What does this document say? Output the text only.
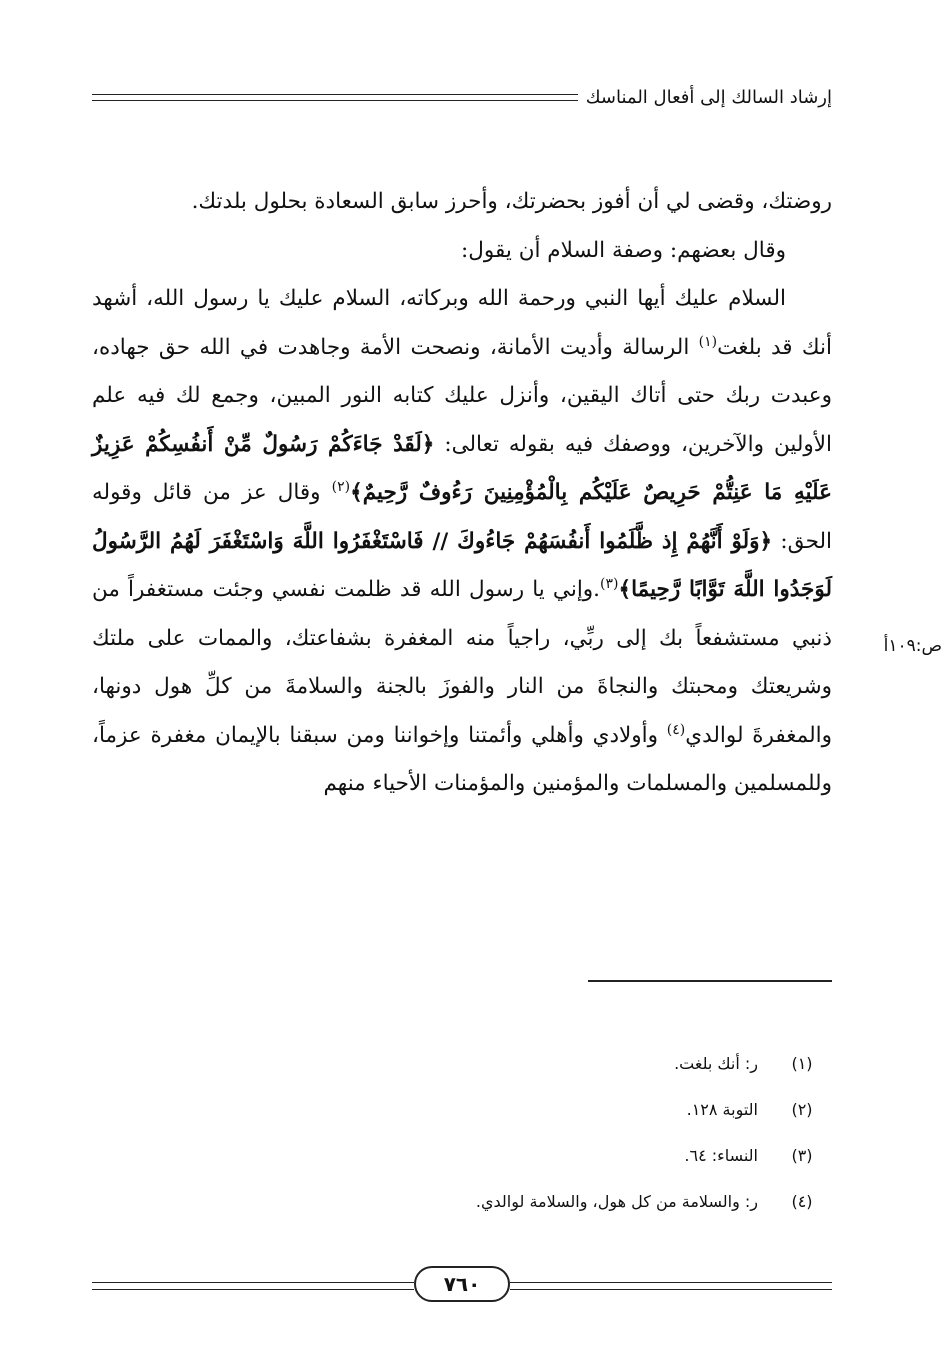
إرشاد السالك إلى أفعال المناسك

روضتك، وقضى لي أن أفوز بحضرتك، وأحرز سابق السعادة بحلول بلدتك.

وقال بعضهم: وصفة السلام أن يقول:

السلام عليك أيها النبي ورحمة الله وبركاته، السلام عليك يا رسول الله، أشهد أنك قد بلغت$^{(١)}$ الرسالة وأديت الأمانة، ونصحت الأمة وجاهدت في الله حق جهاده، وعبدت ربك حتى أتاك اليقين، وأنزل عليك كتابه النور المبين، وجمع لك فيه علم الأولين والآخرين، ووصفك فيه بقوله تعالى: ﴿لَقَدْ جَاءَكُمْ رَسُولٌ مِّنْ أَنفُسِكُمْ عَزِيزٌ عَلَيْهِ مَا عَنِتُّمْ حَرِيصٌ عَلَيْكُم بِالْمُؤْمِنِينَ رَءُوفٌ رَّحِيمٌ﴾$^{(٢)}$ وقال عز من قائل وقوله الحق: ﴿وَلَوْ أَنَّهُمْ إِذ ظَّلَمُوا أَنفُسَهُمْ جَاءُوكَ // فَاسْتَغْفَرُوا اللَّهَ وَاسْتَغْفَرَ لَهُمُ الرَّسُولُ لَوَجَدُوا اللَّهَ تَوَّابًا رَّحِيمًا﴾$^{(٣)}$.وإني يا رسول الله قد ظلمت نفسي وجئت مستغفراً من ذنبي مستشفعاً بك إلى ربِّي، راجياً منه المغفرة بشفاعتك، والممات على ملتك وشريعتك ومحبتك والنجاةَ من النار والفوزَ بالجنة والسلامةَ من كلِّ هول دونها، والمغفرةَ لوالدي$^{(٤)}$ وأولادي وأهلي وأئمتنا وإخواننا ومن سبقنا بالإيمان مغفرة عزماً، وللمسلمين والمسلمات والمؤمنين والمؤمنات الأحياء منهم

ص:١٠٩أ
(١)
ر: أنك بلغت.
(٢)
التوبة ١٢٨.
(٣)
النساء: ٦٤.
(٤)
ر: والسلامة من كل هول، والسلامة لوالدي.
٧٦٠
